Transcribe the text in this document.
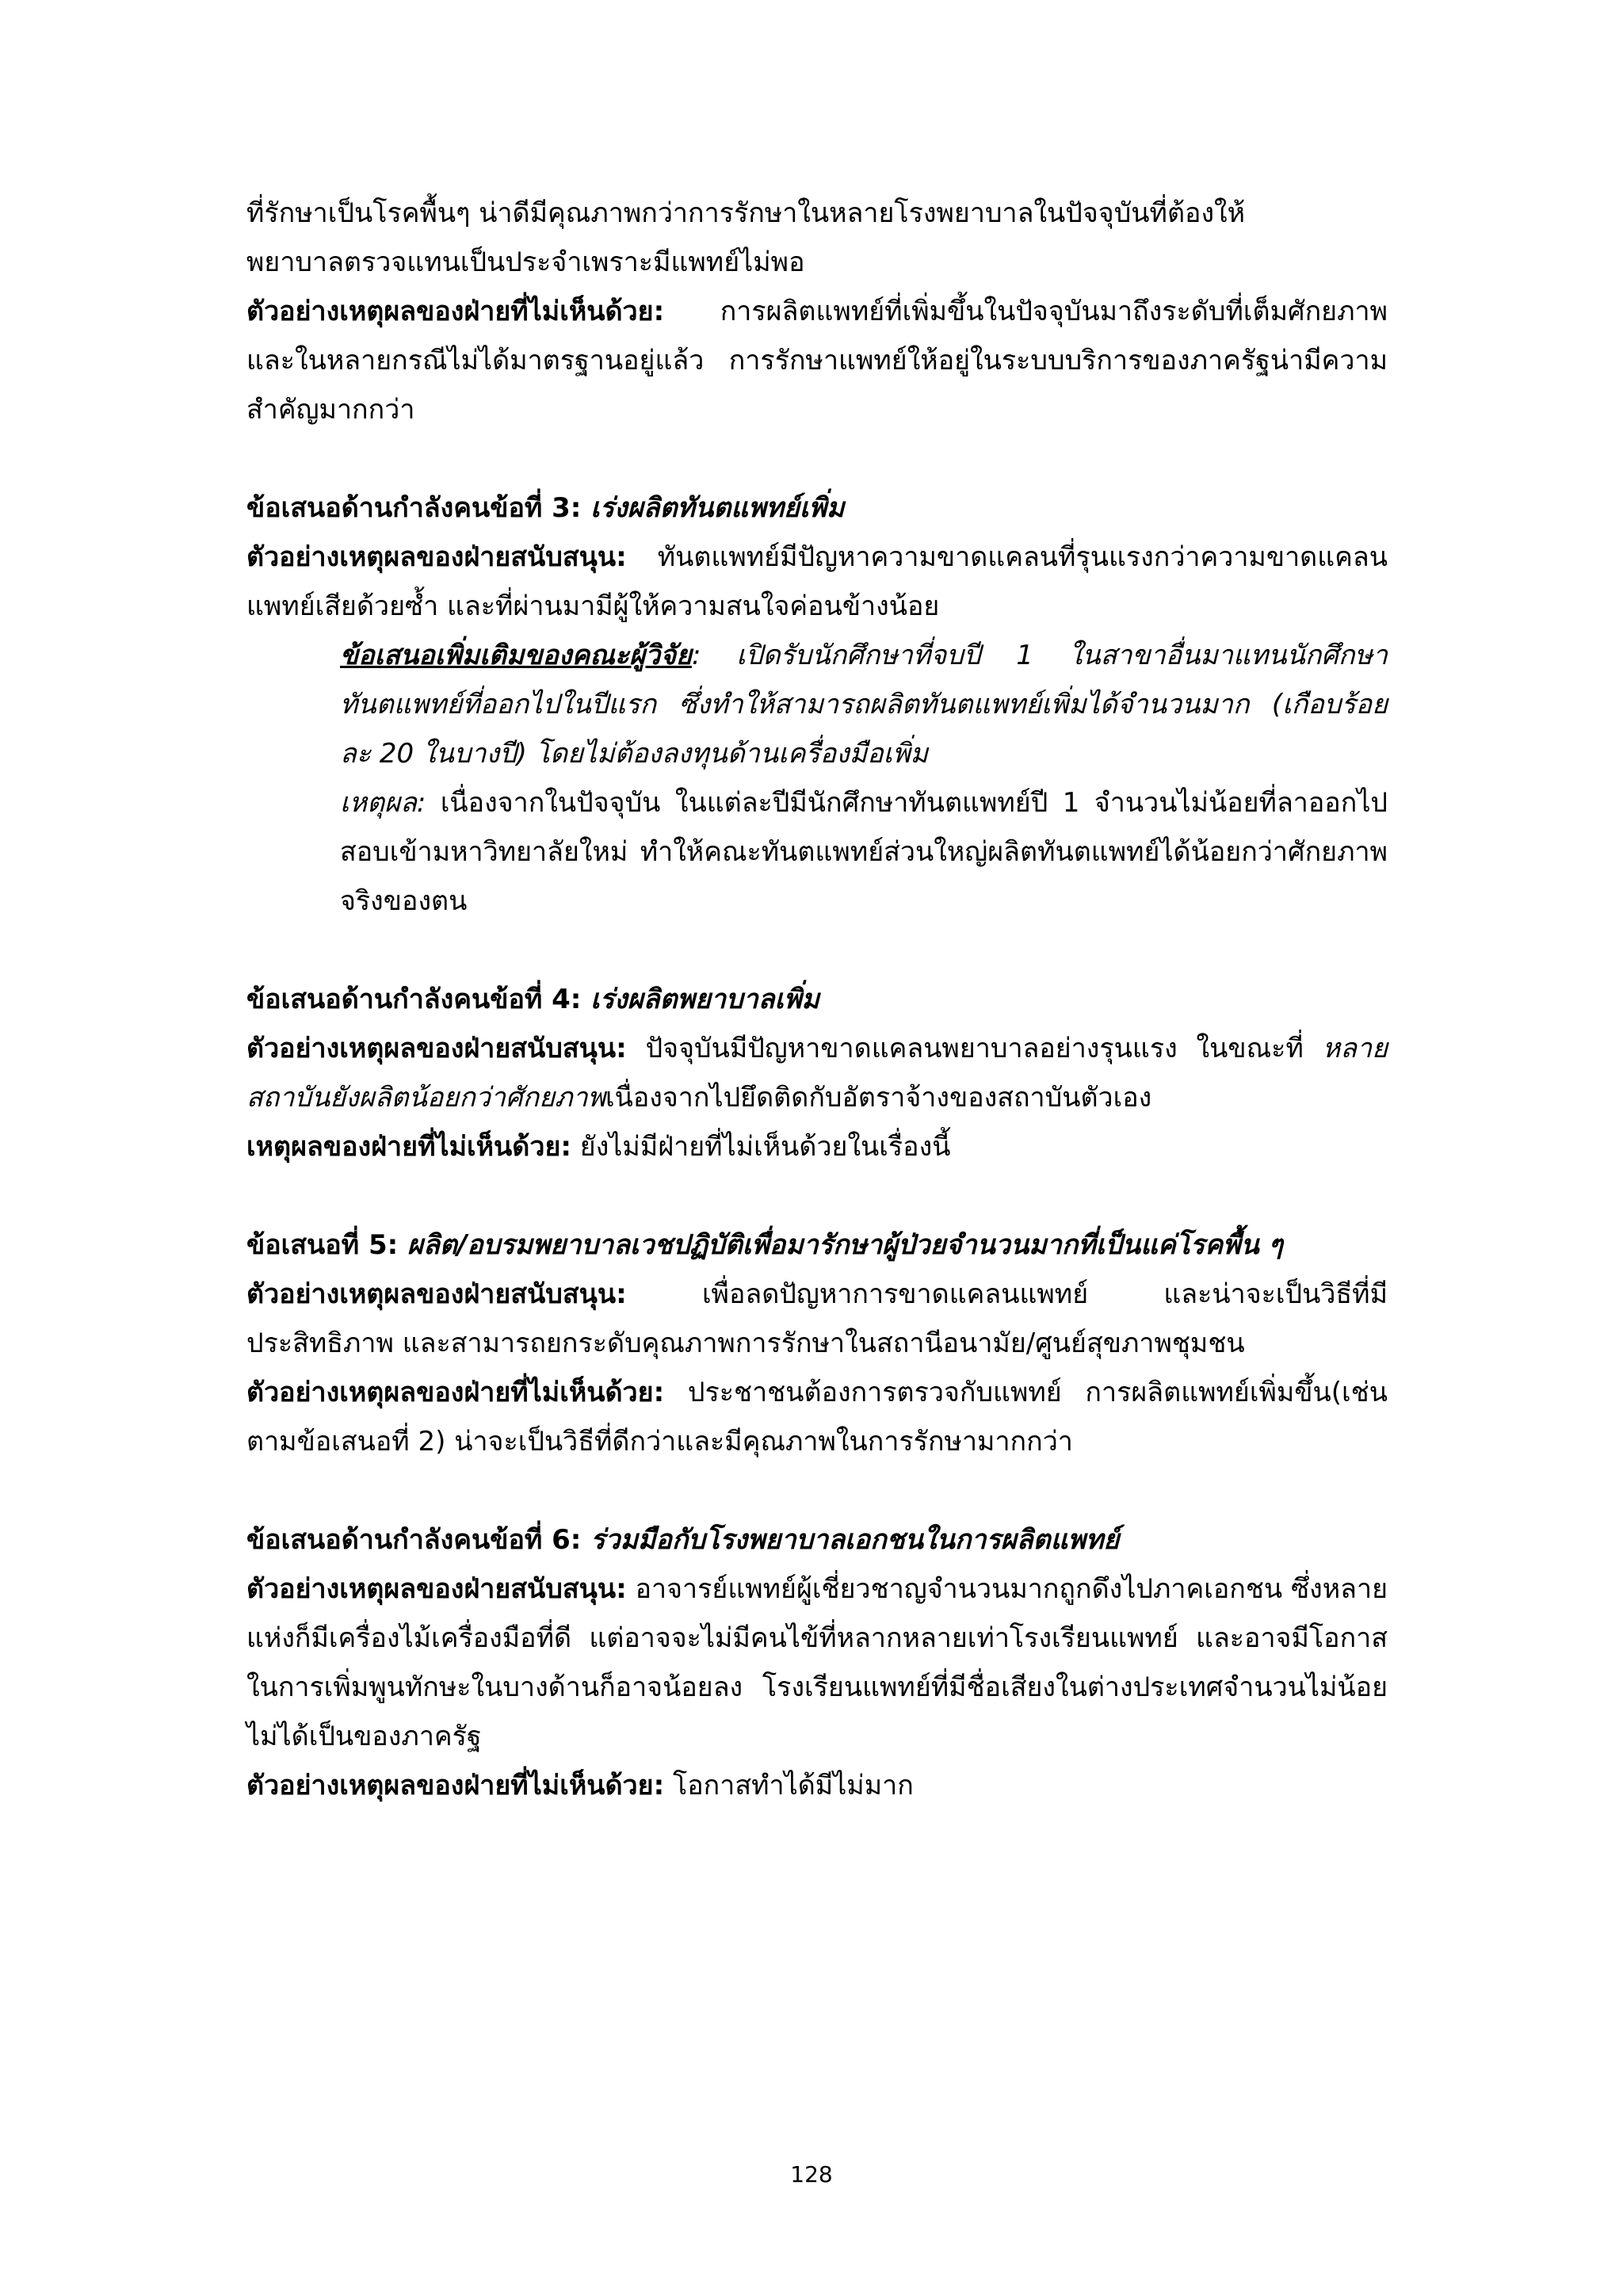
ที่รักษาเป็นโรคพื้นๆ น่าดีมีคุณภาพกว่าการรักษาในหลายโรงพยาบาลในปัจจุบันที่ต้องให้
พยาบาลตรวจแทนเป็นประจำเพราะมีแพทย์ไม่พอ

ตัวอย่างเหตุผลของฝ่ายที่ไม่เห็นด้วย: การผลิตแพทย์ที่เพิ่มขึ้นในปัจจุบันมาถึงระดับที่เต็มศักยภาพและในหลายกรณีไม่ได้มาตรฐานอยู่แล้ว การรักษาแพทย์ให้อยู่ในระบบบริการของภาครัฐน่ามีความสำคัญมากกว่า

ข้อเสนอด้านกำลังคนข้อที่ 3: เร่งผลิตทันตแพทย์เพิ่ม

ตัวอย่างเหตุผลของฝ่ายสนับสนุน: ทันตแพทย์มีปัญหาความขาดแคลนที่รุนแรงกว่าความขาดแคลนแพทย์เสียด้วยซ้ำ และที่ผ่านมามีผู้ให้ความสนใจค่อนข้างน้อย

ข้อเสนอเพิ่มเติมของคณะผู้วิจัย: เปิดรับนักศึกษาที่จบปี 1 ในสาขาอื่นมาแทนนักศึกษาทันตแพทย์ที่ออกไปในปีแรก ซึ่งทำให้สามารถผลิตทันตแพทย์เพิ่มได้จำนวนมาก (เกือบร้อยละ 20 ในบางปี) โดยไม่ต้องลงทุนด้านเครื่องมือเพิ่ม

เหตุผล: เนื่องจากในปัจจุบัน ในแต่ละปีมีนักศึกษาทันตแพทย์ปี 1 จำนวนไม่น้อยที่ลาออกไปสอบเข้ามหาวิทยาลัยใหม่ ทำให้คณะทันตแพทย์ส่วนใหญ่ผลิตทันตแพทย์ได้น้อยกว่าศักยภาพจริงของตน

ข้อเสนอด้านกำลังคนข้อที่ 4: เร่งผลิตพยาบาลเพิ่ม

ตัวอย่างเหตุผลของฝ่ายสนับสนุน: ปัจจุบันมีปัญหาขาดแคลนพยาบาลอย่างรุนแรง ในขณะที่ หลายสถาบันยังผลิตน้อยกว่าศักยภาพเนื่องจากไปยึดติดกับอัตราจ้างของสถาบันตัวเอง

เหตุผลของฝ่ายที่ไม่เห็นด้วย: ยังไม่มีฝ่ายที่ไม่เห็นด้วยในเรื่องนี้

ข้อเสนอที่ 5: ผลิต/อบรมพยาบาลเวชปฏิบัติเพื่อมารักษาผู้ป่วยจำนวนมากที่เป็นแค่โรคพื้น ๆ

ตัวอย่างเหตุผลของฝ่ายสนับสนุน:	เพื่อลดปัญหาการขาดแคลนแพทย์ และน่าจะเป็นวิธีที่มีประสิทธิภาพ และสามารถยกระดับคุณภาพการรักษาในสถานีอนามัย/ศูนย์สุขภาพชุมชน

ตัวอย่างเหตุผลของฝ่ายที่ไม่เห็นด้วย: ประชาชนต้องการตรวจกับแพทย์ การผลิตแพทย์เพิ่มขึ้น(เช่นตามข้อเสนอที่ 2) น่าจะเป็นวิธีที่ดีกว่าและมีคุณภาพในการรักษามากกว่า

ข้อเสนอด้านกำลังคนข้อที่ 6: ร่วมมือกับโรงพยาบาลเอกชนในการผลิตแพทย์

ตัวอย่างเหตุผลของฝ่ายสนับสนุน: อาจารย์แพทย์ผู้เชี่ยวชาญจำนวนมากถูกดึงไปภาคเอกชน ซึ่งหลายแห่งก็มีเครื่องไม้เครื่องมือที่ดี แต่อาจจะไม่มีคนไข้ที่หลากหลายเท่าโรงเรียนแพทย์ และอาจมีโอกาสในการเพิ่มพูนทักษะในบางด้านก็อาจน้อยลง โรงเรียนแพทย์ที่มีชื่อเสียงในต่างประเทศจำนวนไม่น้อยไม่ได้เป็นของภาครัฐ

ตัวอย่างเหตุผลของฝ่ายที่ไม่เห็นด้วย: โอกาสทำได้มีไม่มาก

128
